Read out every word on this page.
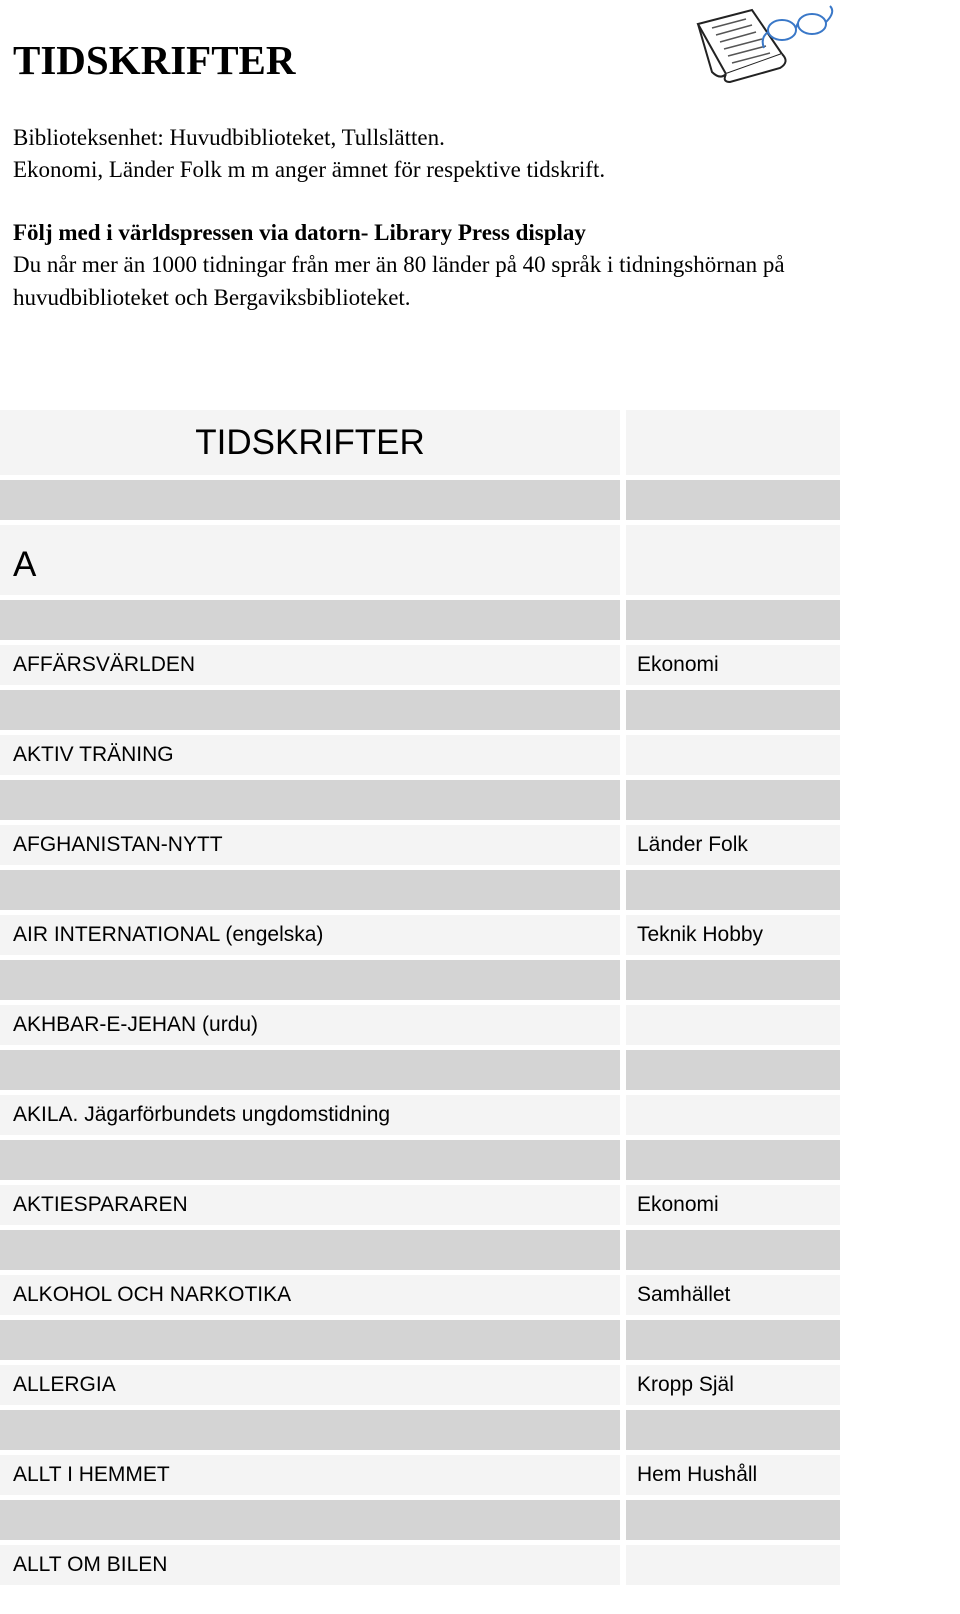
TIDSKRIFTER

Biblioteksenhet: Huvudbiblioteket, Tullslätten.

Ekonomi, Länder Folk m m anger ämnet för respektive tidskrift.

Följ med i världspressen via datorn- Library Press display

Du når mer än 1000 tidningar från mer än 80 länder på 40 språk i tidningshörnan på

huvudbiblioteket och Bergaviksbiblioteket.

TIDSKRIFTER
A
AFFÄRSVÄRLDEN	Ekonomi
AKTIV TRÄNING
AFGHANISTAN-NYTT	Länder Folk
AIR INTERNATIONAL (engelska)	Teknik Hobby
AKHBAR-E-JEHAN (urdu)
AKILA. Jägarförbundets ungdomstidning
AKTIESPARAREN	Ekonomi
ALKOHOL OCH NARKOTIKA	Samhället
ALLERGIA	Kropp Själ
ALLT I HEMMET	Hem Hushåll
ALLT OM BILEN
